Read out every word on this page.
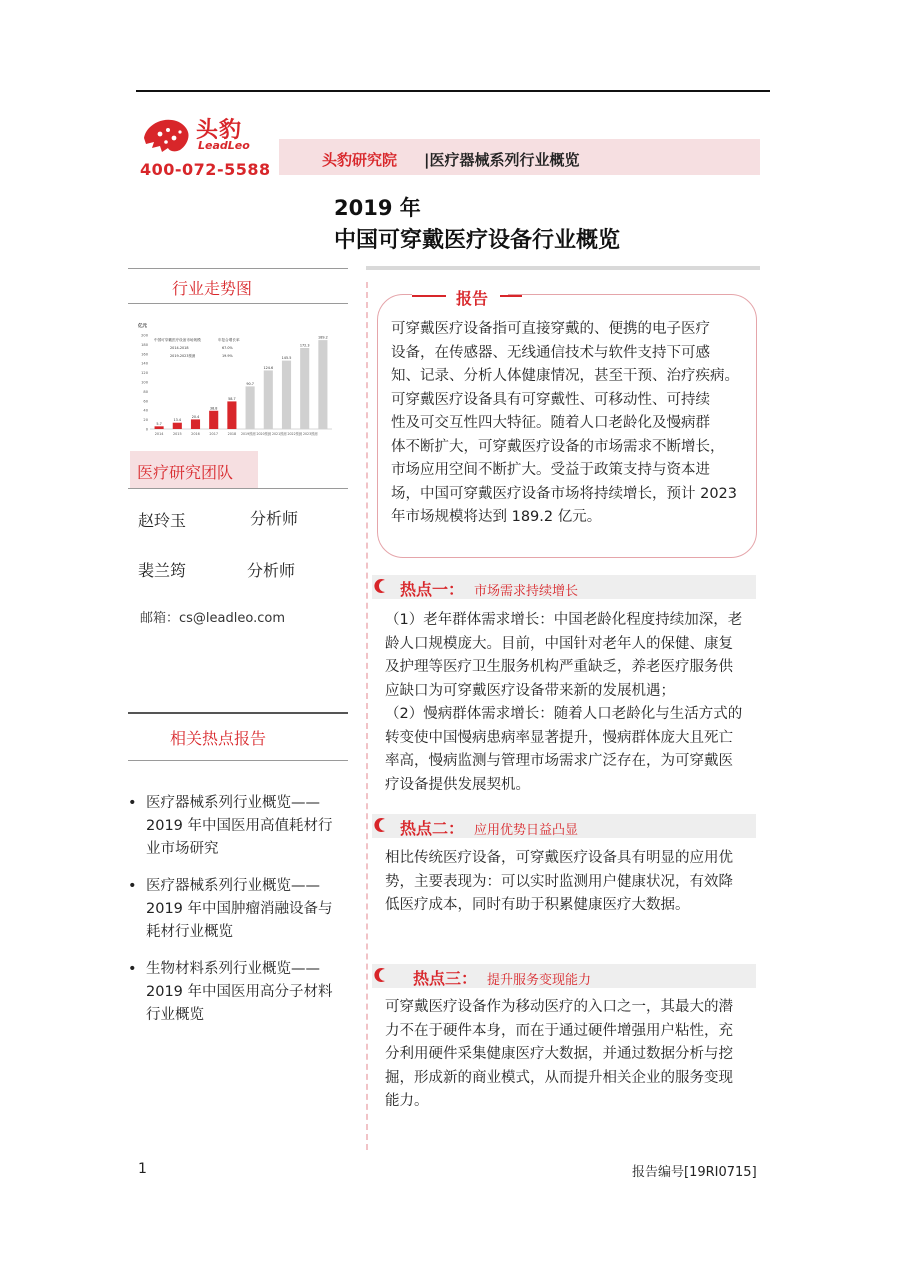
头豹
LeadLeo
400-072-5588	头豹研究院 |医疗器械系列行业概览
2019 年
中国可穿戴医疗设备行业概览
行业走势图
亿元
0
20
40
60
80
100
120
140
160
180
200
中国可穿戴医疗设备市场规模	年复合增长率
2014-2018	67.0%
2019-2023预测	19.9%
5.7
13.4
20.4
38.8
58.7
90.7
124.6
145.5
172.3
189.2
2014	2015	2016	2017	2018 2019预测 2020预测 2021预测 2022预测 2023预测
医疗研究团队
赵玲玉	分析师
裴兰筠	分析师
邮箱：cs@leadleo.com
相关热点报告
• 医疗器械系列行业概览——
2019 年中国医用高值耗材行
业市场研究
• 医疗器械系列行业概览——
2019 年中国肿瘤消融设备与
耗材行业概览
• 生物材料系列行业概览——
2019 年中国医用高分子材料
行业概览
报告
可穿戴医疗设备指可直接穿戴的、便携的电子医疗
设备，在传感器、无线通信技术与软件支持下可感
知、记录、分析人体健康情况，甚至干预、治疗疾病。
可穿戴医疗设备具有可穿戴性、可移动性、可持续
性及可交互性四大特征。随着人口老龄化及慢病群
体不断扩大，可穿戴医疗设备的市场需求不断增长，
市场应用空间不断扩大。受益于政策支持与资本进
场，中国可穿戴医疗设备市场将持续增长，预计 2023
年市场规模将达到 189.2 亿元。
热点一： 市场需求持续增长
（1）老年群体需求增长：中国老龄化程度持续加深，老
龄人口规模庞大。目前，中国针对老年人的保健、康复
及护理等医疗卫生服务机构严重缺乏，养老医疗服务供
应缺口为可穿戴医疗设备带来新的发展机遇；
（2）慢病群体需求增长：随着人口老龄化与生活方式的
转变使中国慢病患病率显著提升，慢病群体庞大且死亡
率高，慢病监测与管理市场需求广泛存在，为可穿戴医
疗设备提供发展契机。
热点二： 应用优势日益凸显
相比传统医疗设备，可穿戴医疗设备具有明显的应用优
势，主要表现为：可以实时监测用户健康状况，有效降
低医疗成本，同时有助于积累健康医疗大数据。
热点三： 提升服务变现能力
可穿戴医疗设备作为移动医疗的入口之一，其最大的潜
力不在于硬件本身，而在于通过硬件增强用户粘性，充
分利用硬件采集健康医疗大数据，并通过数据分析与挖
掘，形成新的商业模式，从而提升相关企业的服务变现
能力。
1	报告编号[19RI0715]
